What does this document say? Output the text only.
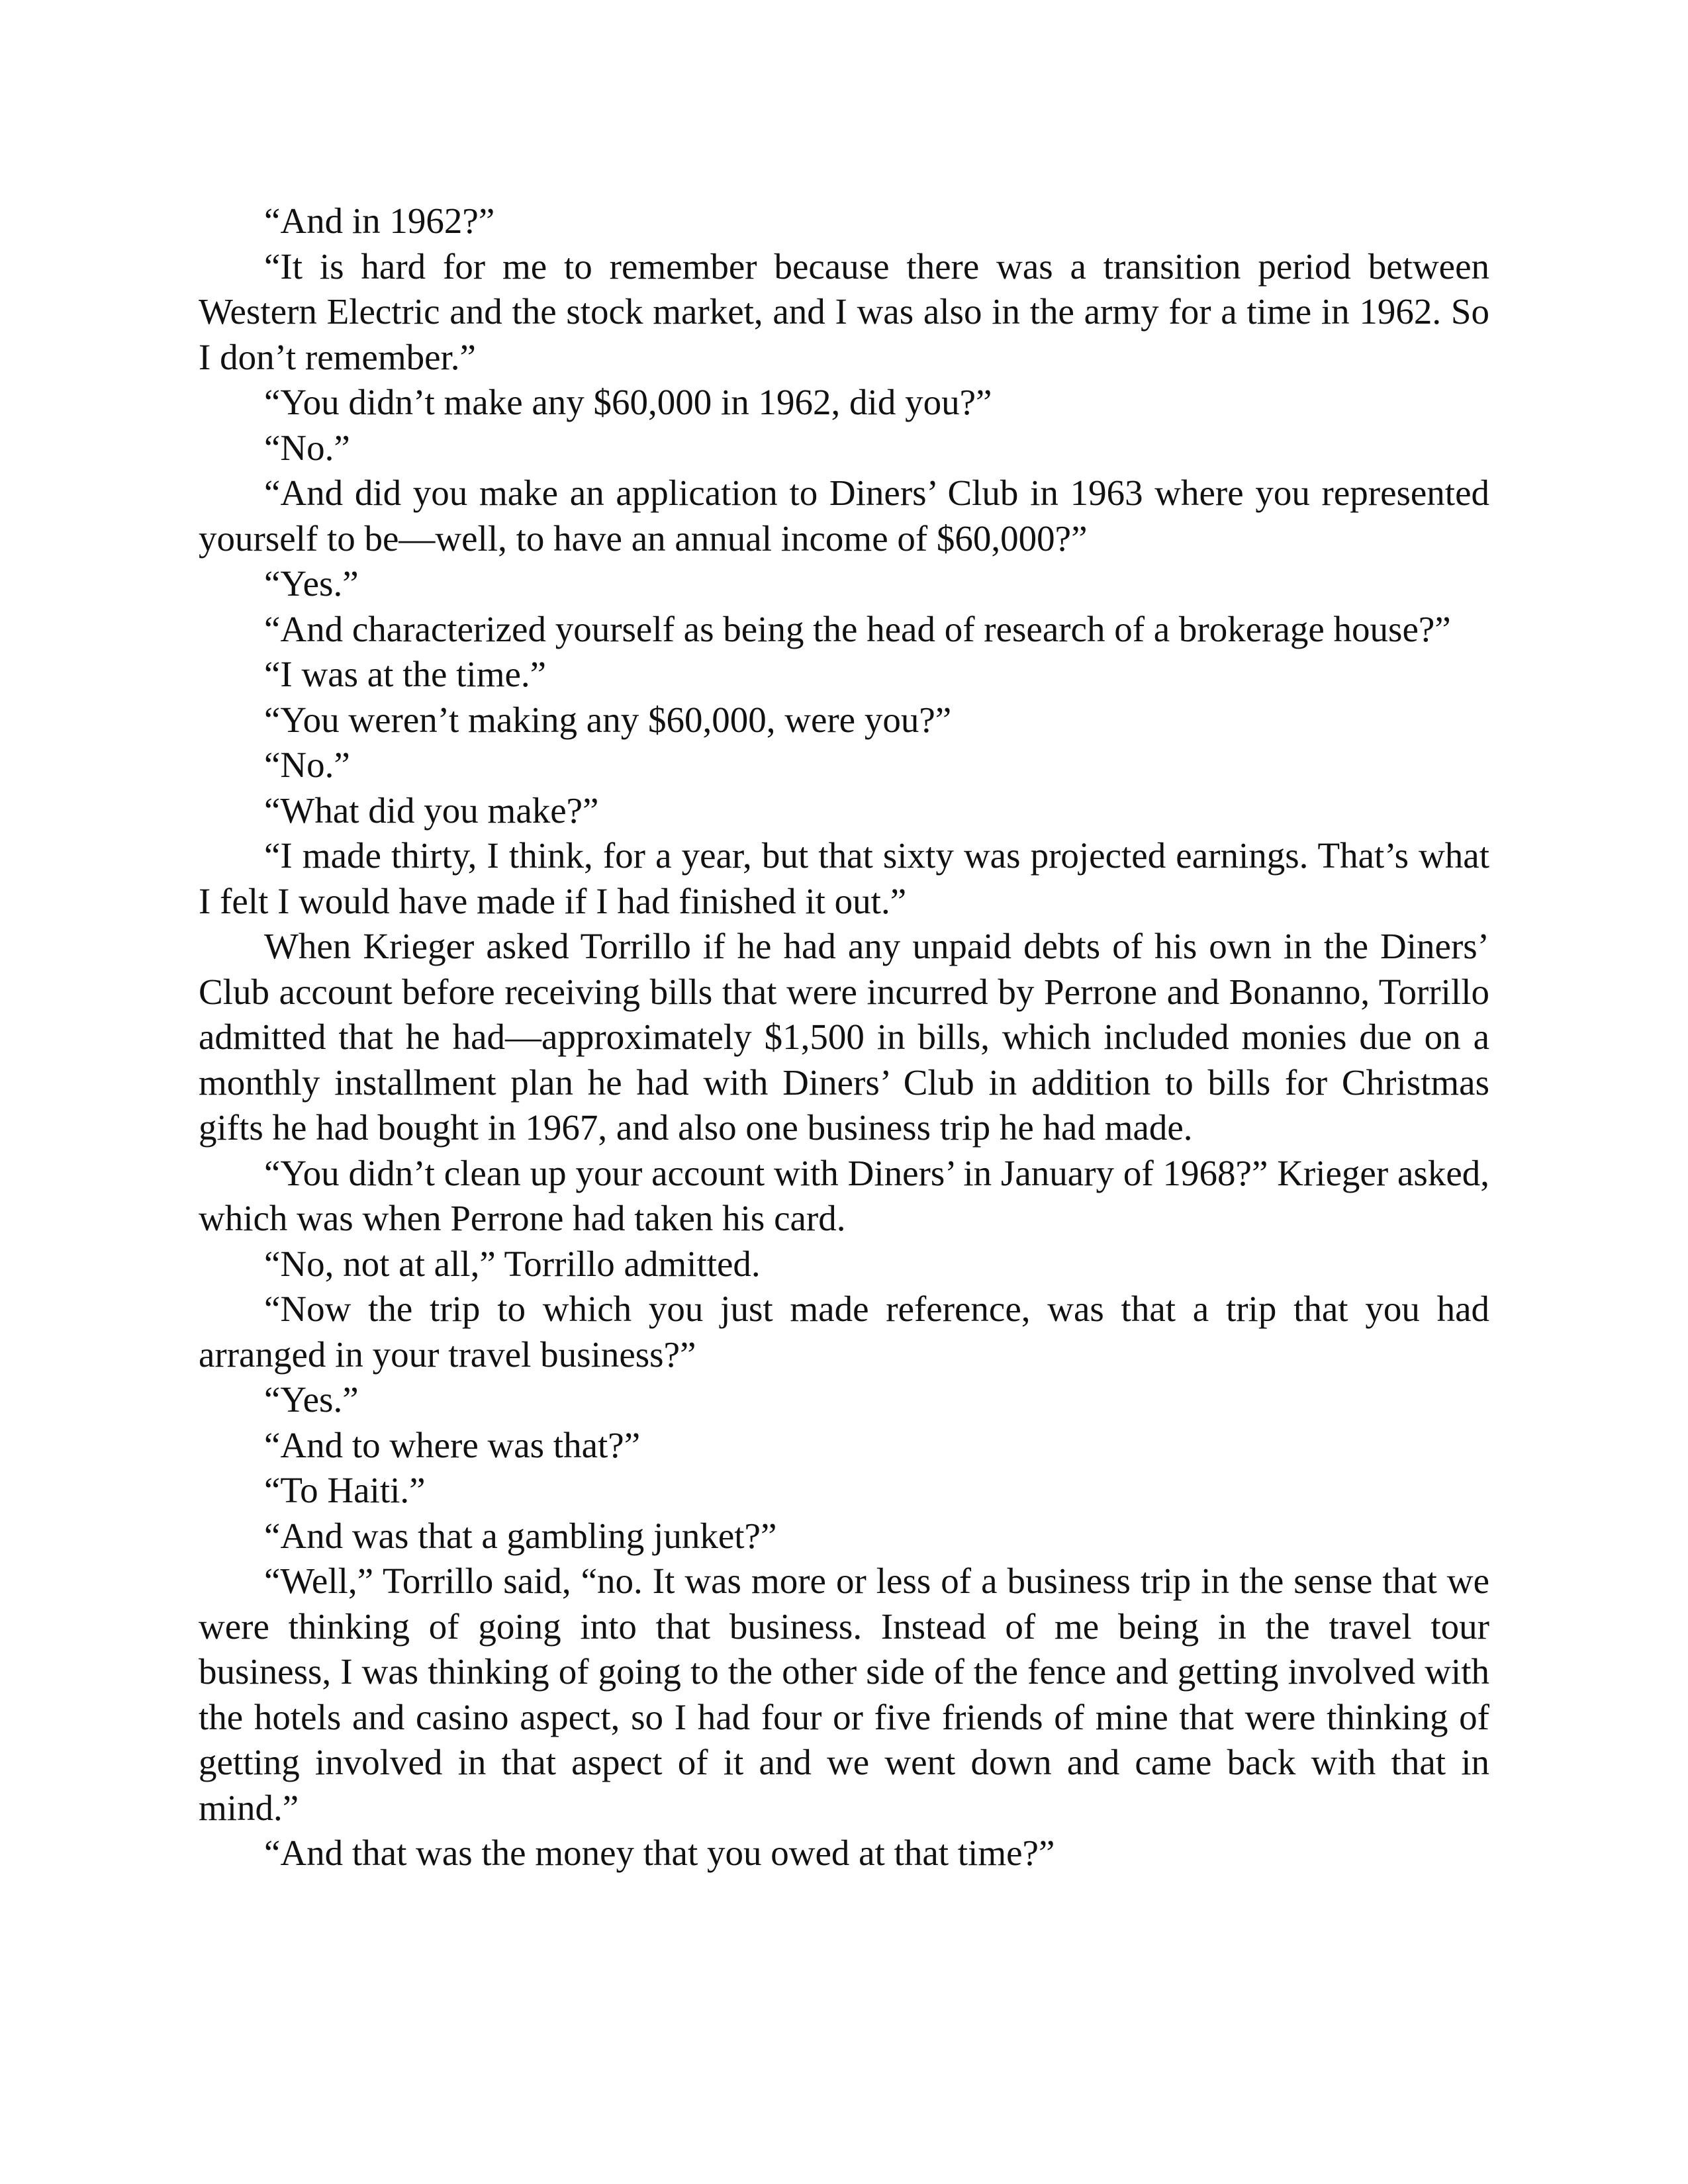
“And in 1962?”

“It is hard for me to remember because there was a transition period between Western Electric and the stock market, and I was also in the army for a time in 1962. So I don’t remember.”

“You didn’t make any $60,000 in 1962, did you?”

“No.”

“And did you make an application to Diners’ Club in 1963 where you represented yourself to be—well, to have an annual income of $60,000?”

“Yes.”

“And characterized yourself as being the head of research of a brokerage house?”

“I was at the time.”

“You weren’t making any $60,000, were you?”

“No.”

“What did you make?”

“I made thirty, I think, for a year, but that sixty was projected earnings. That’s what I felt I would have made if I had finished it out.”

When Krieger asked Torrillo if he had any unpaid debts of his own in the Diners’ Club account before receiving bills that were incurred by Perrone and Bonanno, Torrillo admitted that he had—approximately $1,500 in bills, which included monies due on a monthly installment plan he had with Diners’ Club in addition to bills for Christmas gifts he had bought in 1967, and also one business trip he had made.

“You didn’t clean up your account with Diners’ in January of 1968?” Krieger asked, which was when Perrone had taken his card.

“No, not at all,” Torrillo admitted.

“Now the trip to which you just made reference, was that a trip that you had arranged in your travel business?”

“Yes.”

“And to where was that?”

“To Haiti.”

“And was that a gambling junket?”

“Well,” Torrillo said, “no. It was more or less of a business trip in the sense that we were thinking of going into that business. Instead of me being in the travel tour business, I was thinking of going to the other side of the fence and getting involved with the hotels and casino aspect, so I had four or five friends of mine that were thinking of getting involved in that aspect of it and we went down and came back with that in mind.”

“And that was the money that you owed at that time?”
